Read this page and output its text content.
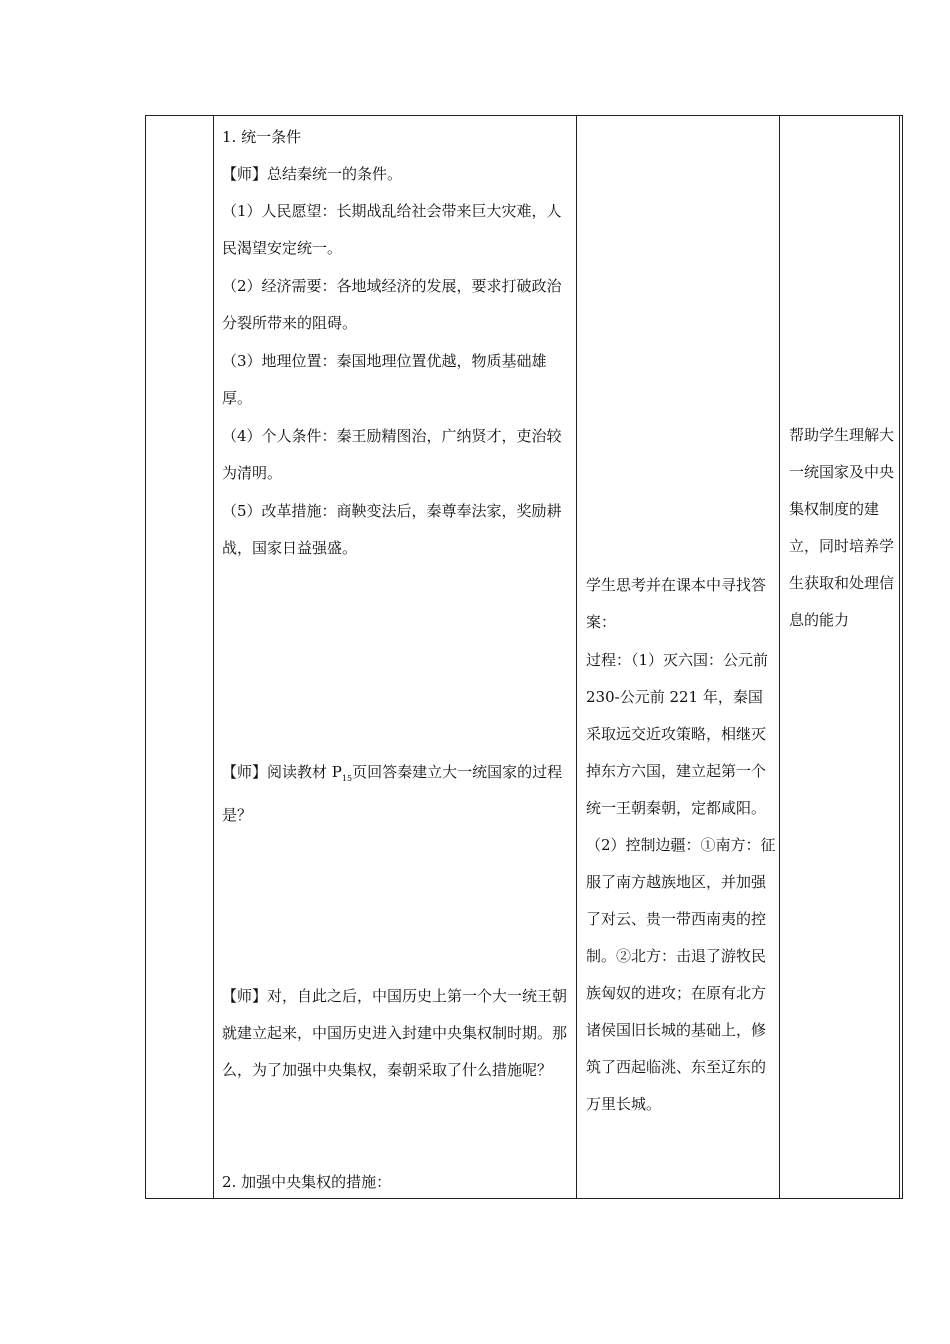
1. 统一条件

【师】总结秦统一的条件。

（1）人民愿望：长期战乱给社会带来巨大灾难，人民渴望安定统一。

（2）经济需要：各地域经济的发展，要求打破政治分裂所带来的阻碍。

（3）地理位置：秦国地理位置优越，物质基础雄厚。

（4）个人条件：秦王励精图治，广纳贤才，吏治较为清明。

（5）改革措施：商鞅变法后，秦尊奉法家，奖励耕战，国家日益强盛。

【师】阅读教材 $P_{15}$页回答秦建立大一统国家的过程是？

【师】对，自此之后，中国历史上第一个大一统王朝就建立起来，中国历史进入封建中央集权制时期。那么，为了加强中央集权，秦朝采取了什么措施呢？

2. 加强中央集权的措施：

学生思考并在课本中寻找答案：

过程：（1）灭六国：公元前 230-公元前 221 年，秦国采取远交近攻策略，相继灭掉东方六国，建立起第一个统一王朝秦朝，定都咸阳。（2）控制边疆：①南方：征服了南方越族地区，并加强了对云、贵一带西南夷的控制。②北方：击退了游牧民族匈奴的进攻；在原有北方诸侯国旧长城的基础上，修筑了西起临洮、东至辽东的万里长城。

帮助学生理解大一统国家及中央集权制度的建立，同时培养学生获取和处理信息的能力
